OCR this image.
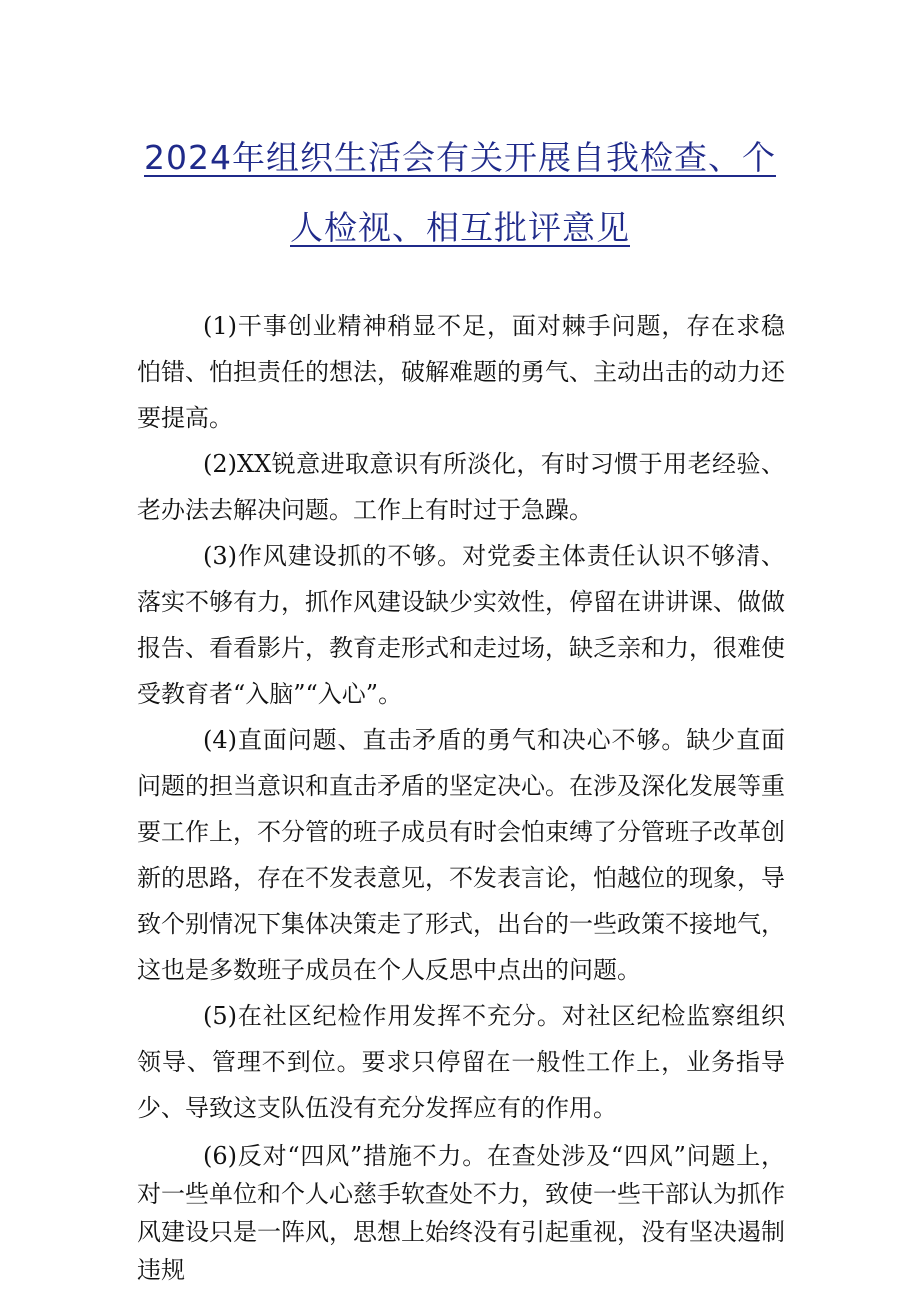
2024年组织生活会有关开展自我检查、个
人检视、相互批评意见

(1)干事创业精神稍显不足，面对棘手问题，存在求稳怕错、怕担责任的想法，破解难题的勇气、主动出击的动力还要提高。

(2)XX锐意进取意识有所淡化，有时习惯于用老经验、老办法去解决问题。工作上有时过于急躁。

(3)作风建设抓的不够。对党委主体责任认识不够清、落实不够有力，抓作风建设缺少实效性，停留在讲讲课、做做报告、看看影片，教育走形式和走过场，缺乏亲和力，很难使受教育者“入脑”“入心”。

(4)直面问题、直击矛盾的勇气和决心不够。缺少直面问题的担当意识和直击矛盾的坚定决心。在涉及深化发展等重要工作上，不分管的班子成员有时会怕束缚了分管班子改革创新的思路，存在不发表意见，不发表言论，怕越位的现象，导致个别情况下集体决策走了形式，出台的一些政策不接地气，这也是多数班子成员在个人反思中点出的问题。

(5)在社区纪检作用发挥不充分。对社区纪检监察组织领导、管理不到位。要求只停留在一般性工作上，业务指导少、导致这支队伍没有充分发挥应有的作用。

(6)反对“四风”措施不力。在查处涉及“四风”问题上，对一些单位和个人心慈手软查处不力，致使一些干部认为抓作风建设只是一阵风，思想上始终没有引起重视，没有坚决遏制违规
